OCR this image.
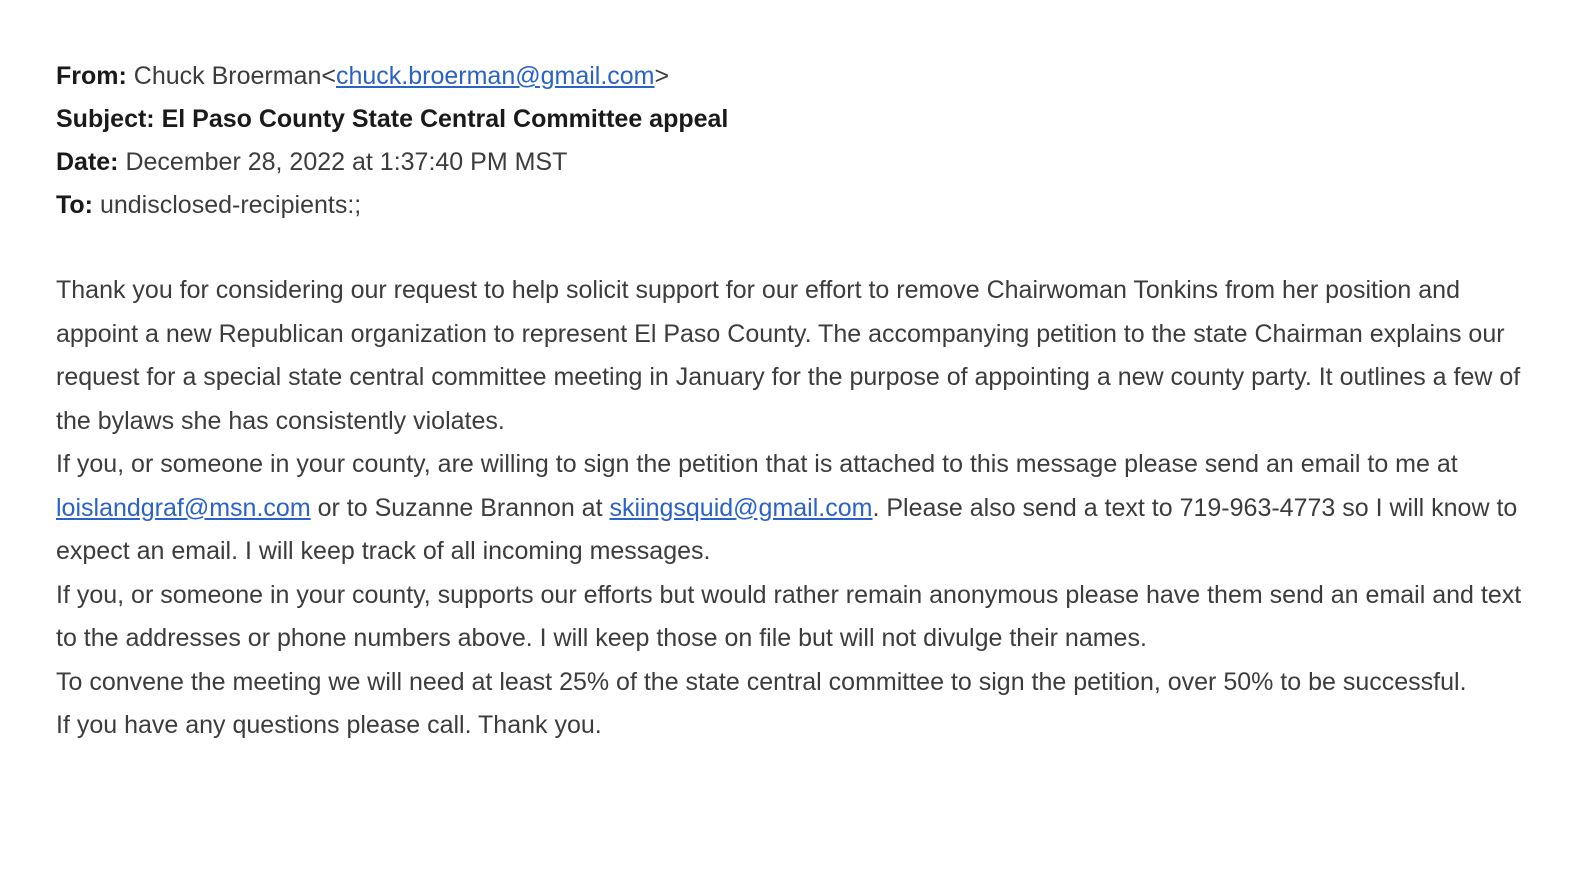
From: Chuck Broerman<chuck.broerman@gmail.com>
Subject: El Paso County State Central Committee appeal
Date: December 28, 2022 at 1:37:40 PM MST
To: undisclosed-recipients:;

Thank you for considering our request to help solicit support for our effort to remove Chairwoman Tonkins from her position and appoint a new Republican organization to represent El Paso County. The accompanying petition to the state Chairman explains our request for a special state central committee meeting in January for the purpose of appointing a new county party. It outlines a few of the bylaws she has consistently violates.

If you, or someone in your county, are willing to sign the petition that is attached to this message please send an email to me at loislandgraf@msn.com or to Suzanne Brannon at skiingsquid@gmail.com. Please also send a text to 719-963-4773 so I will know to expect an email. I will keep track of all incoming messages.

If you, or someone in your county, supports our efforts but would rather remain anonymous please have them send an email and text to the addresses or phone numbers above. I will keep those on file but will not divulge their names.

To convene the meeting we will need at least 25% of the state central committee to sign the petition, over 50% to be successful.

If you have any questions please call. Thank you.
